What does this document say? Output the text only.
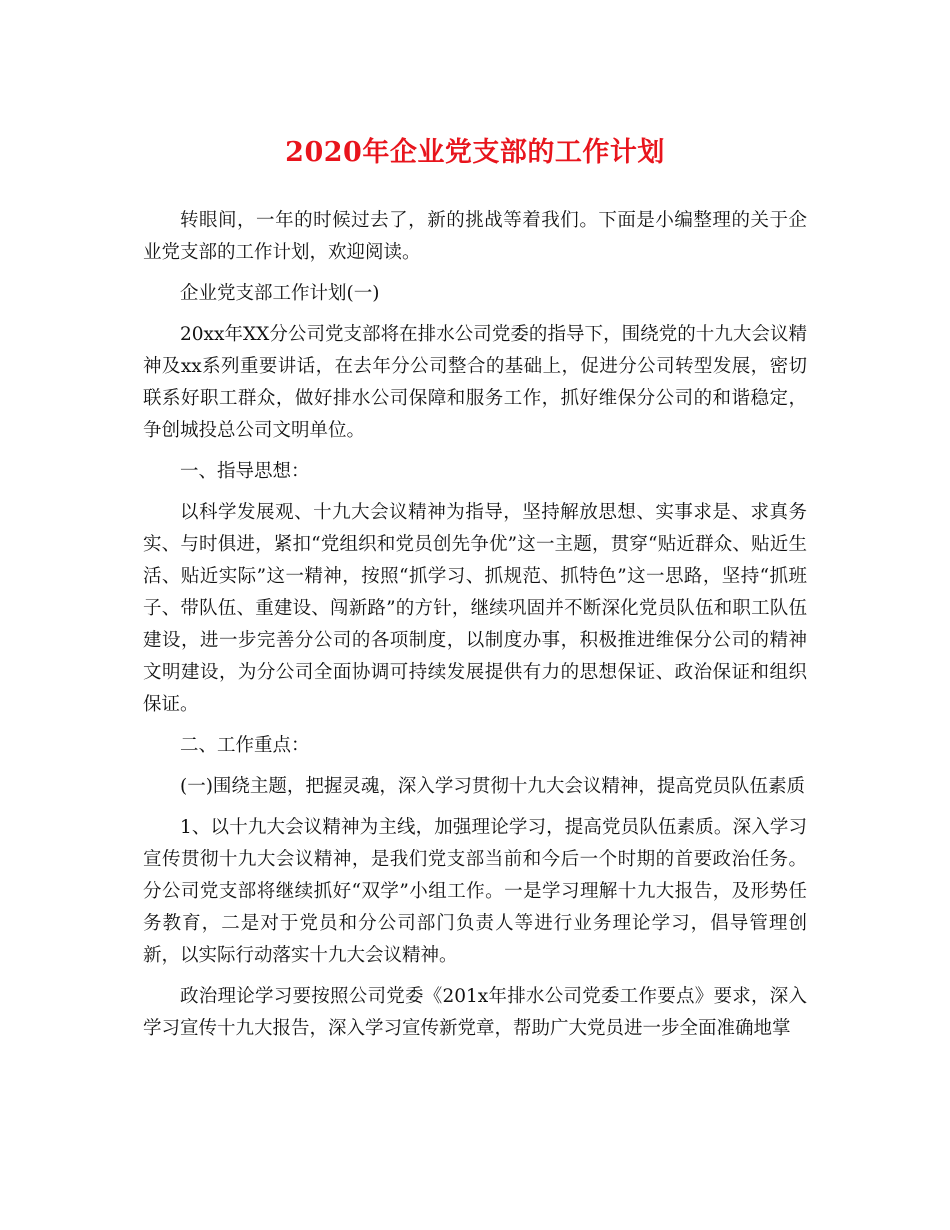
2020年企业党支部的工作计划

转眼间，一年的时候过去了，新的挑战等着我们。下面是小编整理的关于企业党支部的工作计划，欢迎阅读。

企业党支部工作计划(一)

20xx年XX分公司党支部将在排水公司党委的指导下，围绕党的十九大会议精神及xx系列重要讲话，在去年分公司整合的基础上，促进分公司转型发展，密切联系好职工群众，做好排水公司保障和服务工作，抓好维保分公司的和谐稳定，争创城投总公司文明单位。

一、指导思想：

以科学发展观、十九大会议精神为指导，坚持解放思想、实事求是、求真务实、与时俱进，紧扣“党组织和党员创先争优”这一主题，贯穿“贴近群众、贴近生活、贴近实际”这一精神，按照“抓学习、抓规范、抓特色”这一思路，坚持“抓班子、带队伍、重建设、闯新路”的方针，继续巩固并不断深化党员队伍和职工队伍建设，进一步完善分公司的各项制度，以制度办事，积极推进维保分公司的精神文明建设，为分公司全面协调可持续发展提供有力的思想保证、政治保证和组织保证。

二、工作重点：

(一)围绕主题，把握灵魂，深入学习贯彻十九大会议精神，提高党员队伍素质

1、以十九大会议精神为主线，加强理论学习，提高党员队伍素质。深入学习宣传贯彻十九大会议精神，是我们党支部当前和今后一个时期的首要政治任务。分公司党支部将继续抓好“双学”小组工作。一是学习理解十九大报告，及形势任务教育，二是对于党员和分公司部门负责人等进行业务理论学习，倡导管理创新，以实际行动落实十九大会议精神。

政治理论学习要按照公司党委《201x年排水公司党委工作要点》要求，深入学习宣传十九大报告，深入学习宣传新党章，帮助广大党员进一步全面准确地掌
